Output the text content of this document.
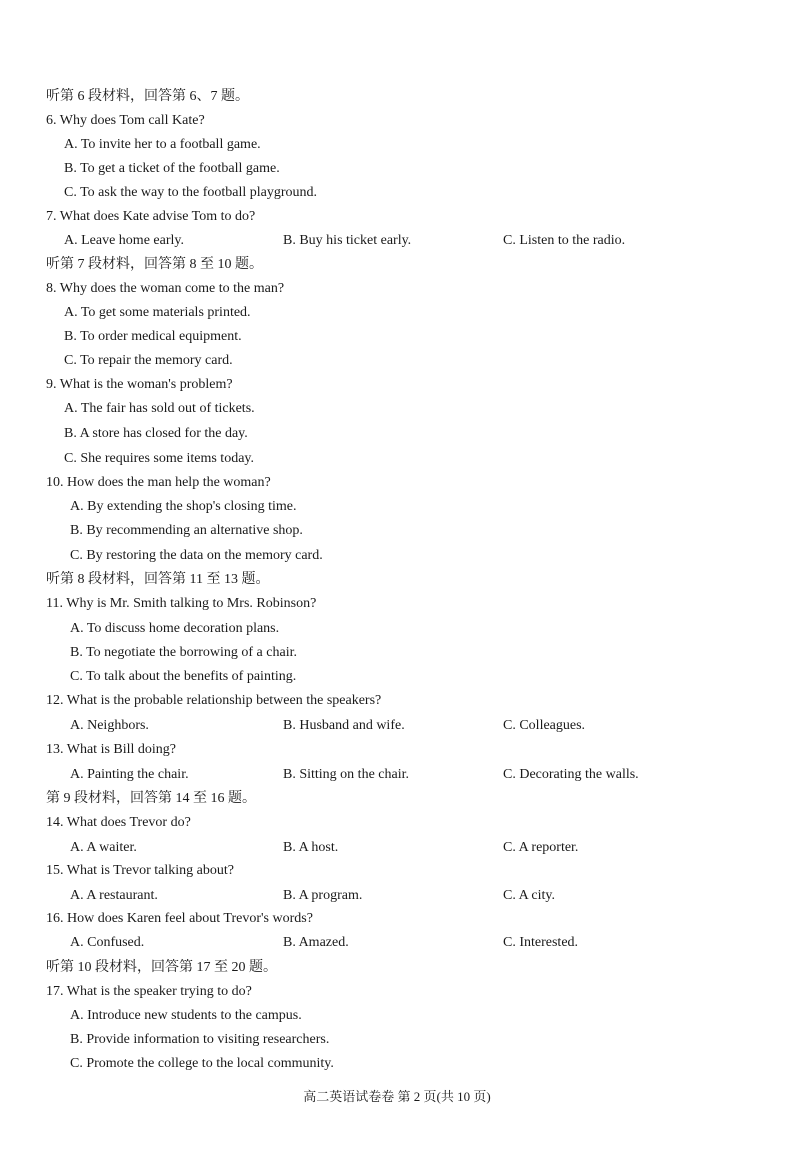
听第 6 段材料，回答第 6、7 题。
6. Why does Tom call Kate?
A. To invite her to a football game.
B. To get a ticket of the football game.
C. To ask the way to the football playground.
7. What does Kate advise Tom to do?
A. Leave home early.	B. Buy his ticket early.	C. Listen to the radio.
听第 7 段材料，回答第 8 至 10 题。
8. Why does the woman come to the man?
A. To get some materials printed.
B. To order medical equipment.
C. To repair the memory card.
9. What is the woman's problem?
A. The fair has sold out of tickets.
B. A store has closed for the day.
C. She requires some items today.
10. How does the man help the woman?
A. By extending the shop's closing time.
B. By recommending an alternative shop.
C. By restoring the data on the memory card.
听第 8 段材料，回答第 11 至 13 题。
11. Why is Mr. Smith talking to Mrs. Robinson?
A. To discuss home decoration plans.
B. To negotiate the borrowing of a chair.
C. To talk about the benefits of painting.
12. What is the probable relationship between the speakers?
A. Neighbors.	B. Husband and wife.	C. Colleagues.
13. What is Bill doing?
A. Painting the chair.	B. Sitting on the chair.	C. Decorating the walls.
第 9 段材料，回答第 14 至 16 题。
14. What does Trevor do?
A. A waiter.	B. A host.	C. A reporter.
15. What is Trevor talking about?
A. A restaurant.	B. A program.	C. A city.
16. How does Karen feel about Trevor's words?
A. Confused.	B. Amazed.	C. Interested.
听第 10 段材料，回答第 17 至 20 题。
17. What is the speaker trying to do?
A. Introduce new students to the campus.
B. Provide information to visiting researchers.
C. Promote the college to the local community.
高二英语试卷卷 第 2 页(共 10 页)
